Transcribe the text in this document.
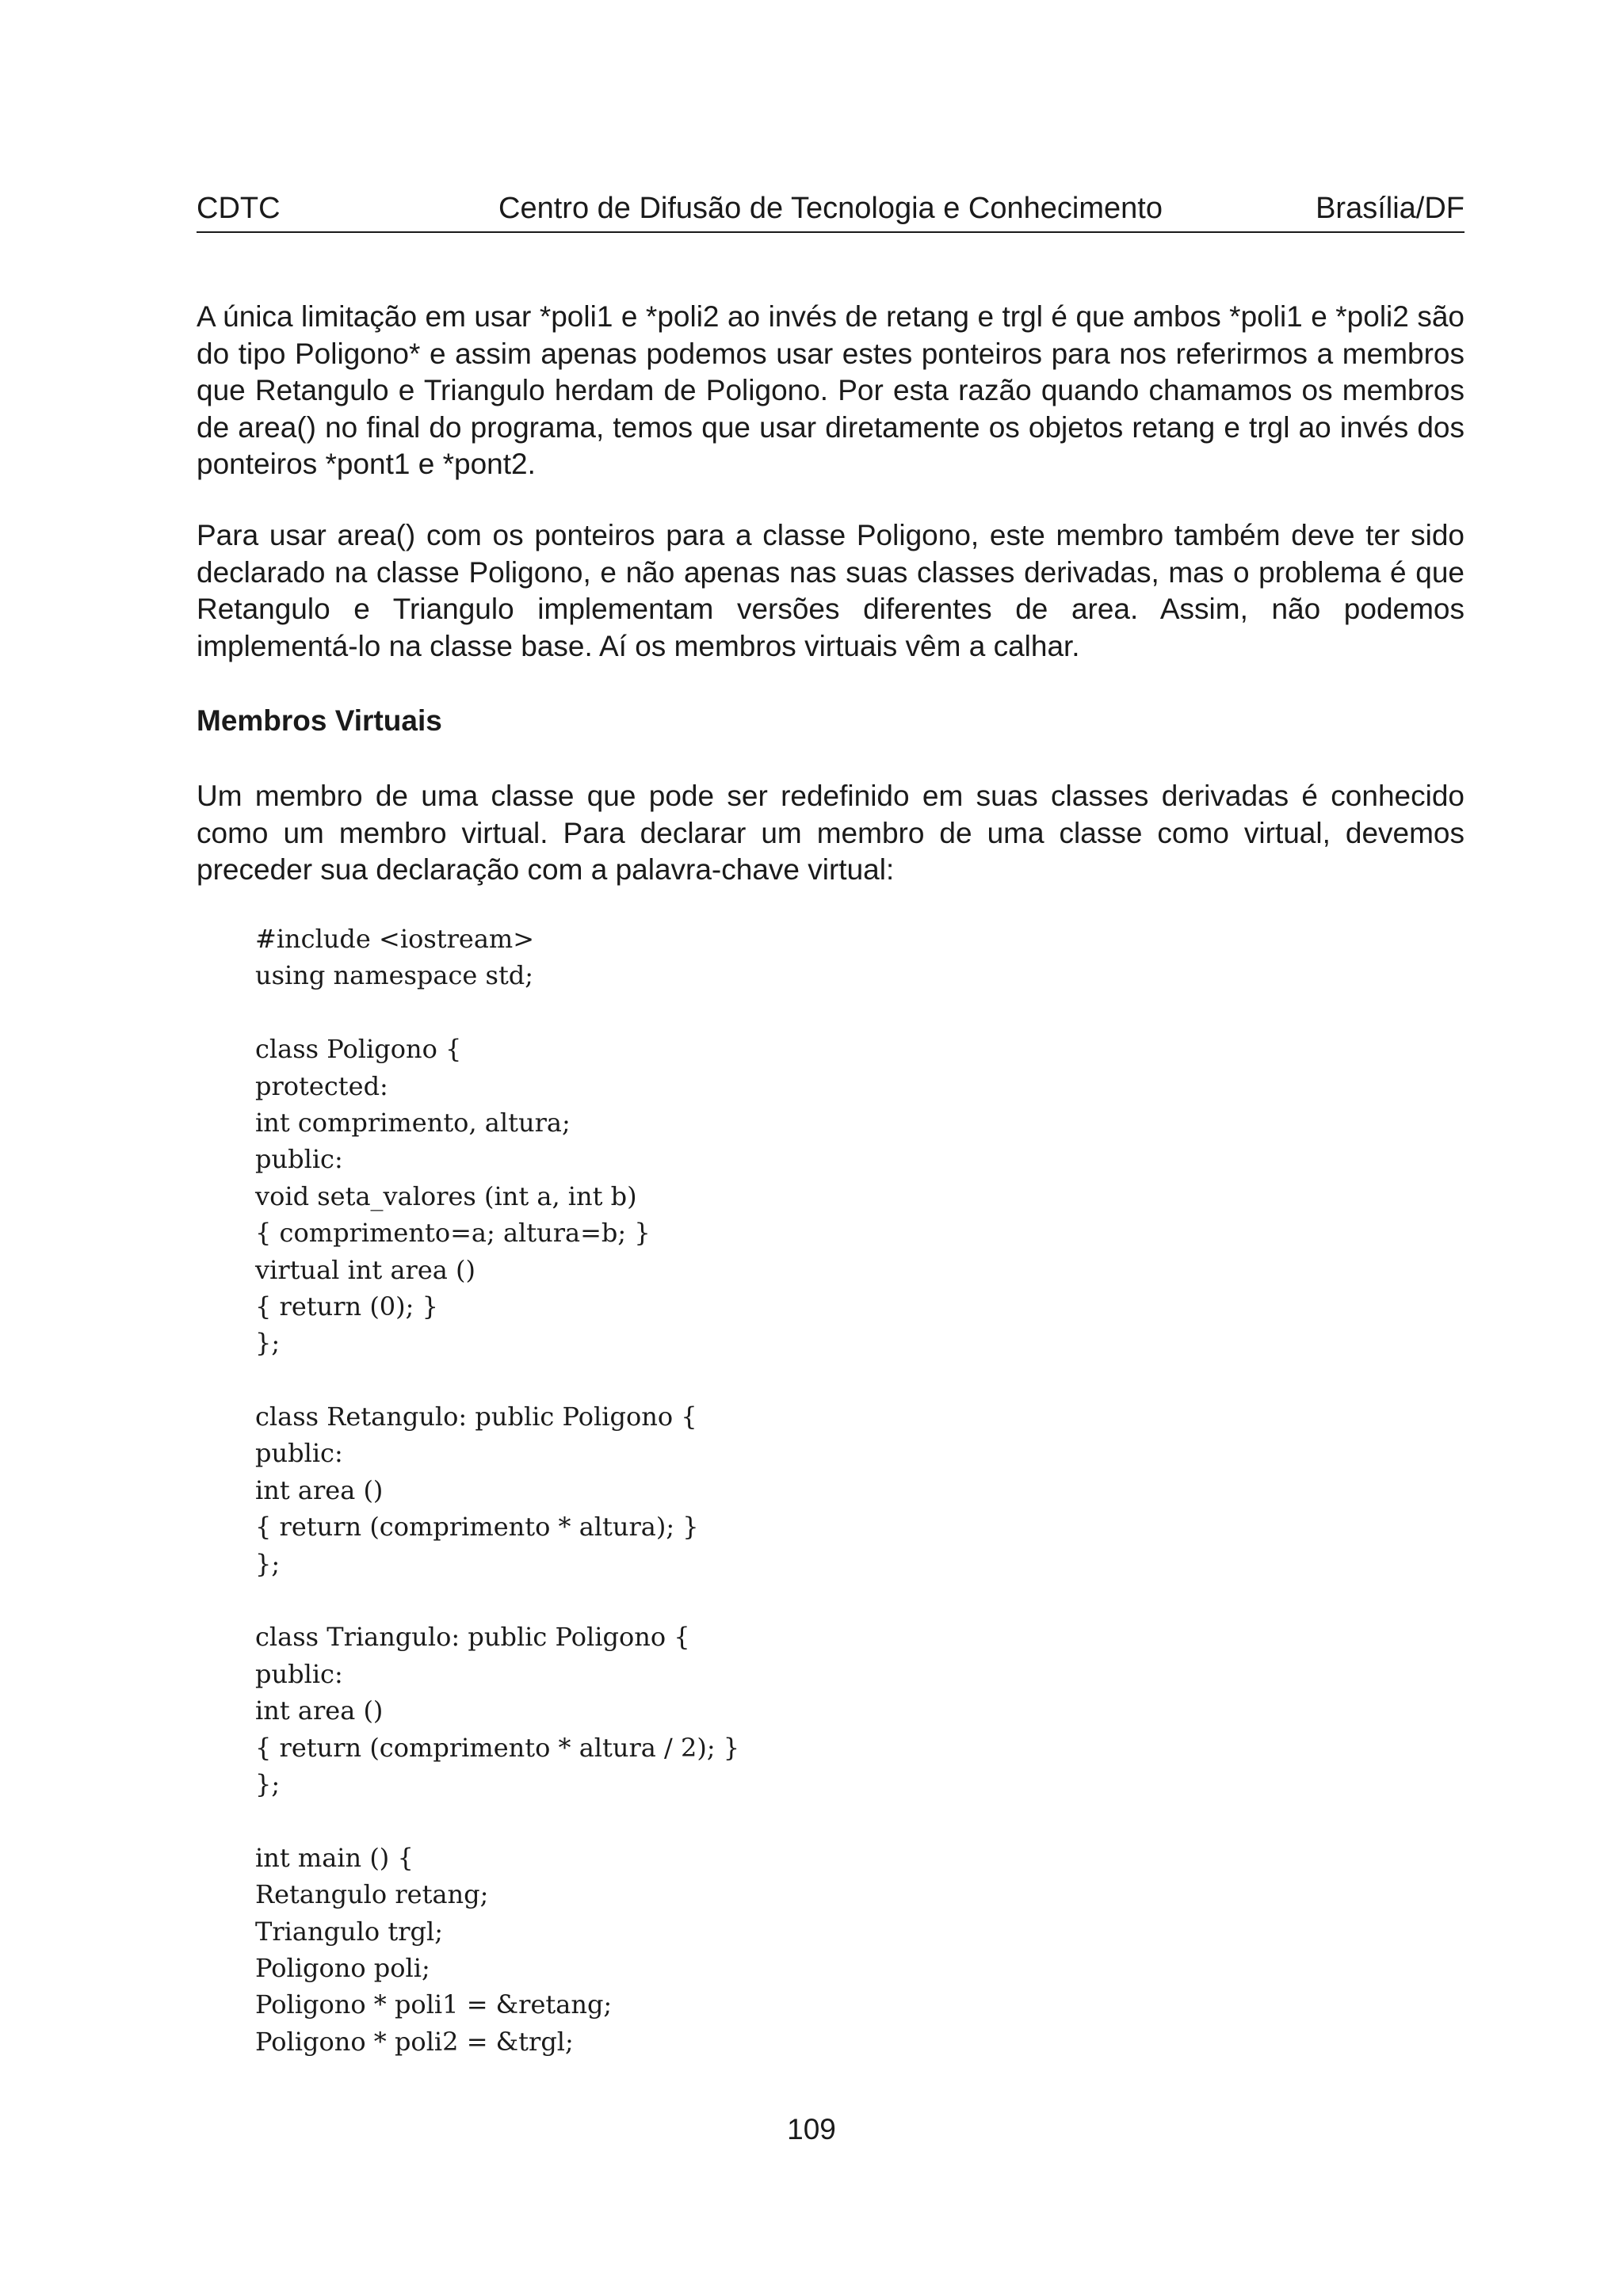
CDTC	Centro de Difusão de Tecnologia e Conhecimento	Brasília/DF

A única limitação em usar *poli1 e *poli2 ao invés de retang e trgl é que ambos *poli1 e *poli2 são do tipo Poligono* e assim apenas podemos usar estes ponteiros para nos referirmos a membros que Retangulo e Triangulo herdam de Poligono. Por esta razão quando chamamos os membros de area() no final do programa, temos que usar diretamente os objetos retang e trgl ao invés dos ponteiros *pont1 e *pont2.

Para usar area() com os ponteiros para a classe Poligono, este membro também deve ter sido declarado na classe Poligono, e não apenas nas suas classes derivadas, mas o problema é que Retangulo e Triangulo implementam versões diferentes de area. Assim, não podemos implementá-lo na classe base. Aí os membros virtuais vêm a calhar.

Membros Virtuais

Um membro de uma classe que pode ser redefinido em suas classes derivadas é conhecido como um membro virtual. Para declarar um membro de uma classe como virtual, devemos preceder sua declaração com a palavra-chave virtual:

#include <iostream>
using namespace std;
class Poligono {
protected:
int comprimento, altura;
public:
void seta_valores (int a, int b)
{ comprimento=a; altura=b; }
virtual int area ()
{ return (0); }
};
class Retangulo: public Poligono {
public:
int area ()
{ return (comprimento * altura); }
};
class Triangulo: public Poligono {
public:
int area ()
{ return (comprimento * altura / 2); }
};
int main () {
Retangulo retang;
Triangulo trgl;
Poligono poli;
Poligono * poli1 = &retang;
Poligono * poli2 = &trgl;
109
